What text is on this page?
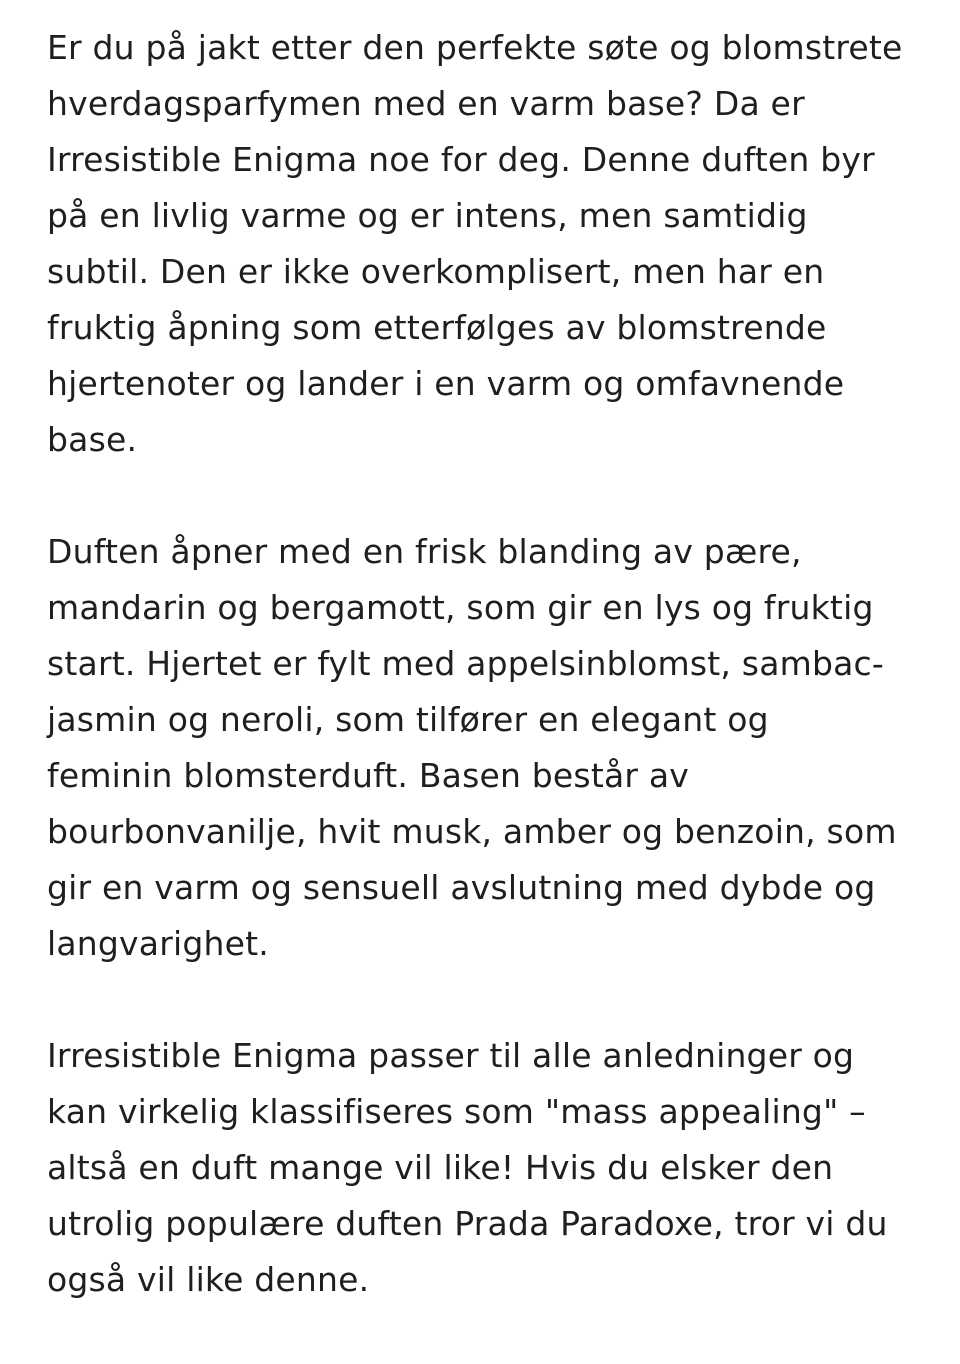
Er du på jakt etter den perfekte søte og blomstrete
hverdagsparfymen med en varm base? Da er
Irresistible Enigma noe for deg. Denne duften byr
på en livlig varme og er intens, men samtidig
subtil. Den er ikke overkomplisert, men har en
fruktig åpning som etterfølges av blomstrende
hjertenoter og lander i en varm og omfavnende
base.

Duften åpner med en frisk blanding av pære,
mandarin og bergamott, som gir en lys og fruktig
start. Hjertet er fylt med appelsinblomst, sambac-
jasmin og neroli, som tilfører en elegant og
feminin blomsterduft. Basen består av
bourbonvanilje, hvit musk, amber og benzoin, som
gir en varm og sensuell avslutning med dybde og
langvarighet.

Irresistible Enigma passer til alle anledninger og
kan virkelig klassifiseres som "mass appealing" –
altså en duft mange vil like! Hvis du elsker den
utrolig populære duften Prada Paradoxe, tror vi du
også vil like denne.
